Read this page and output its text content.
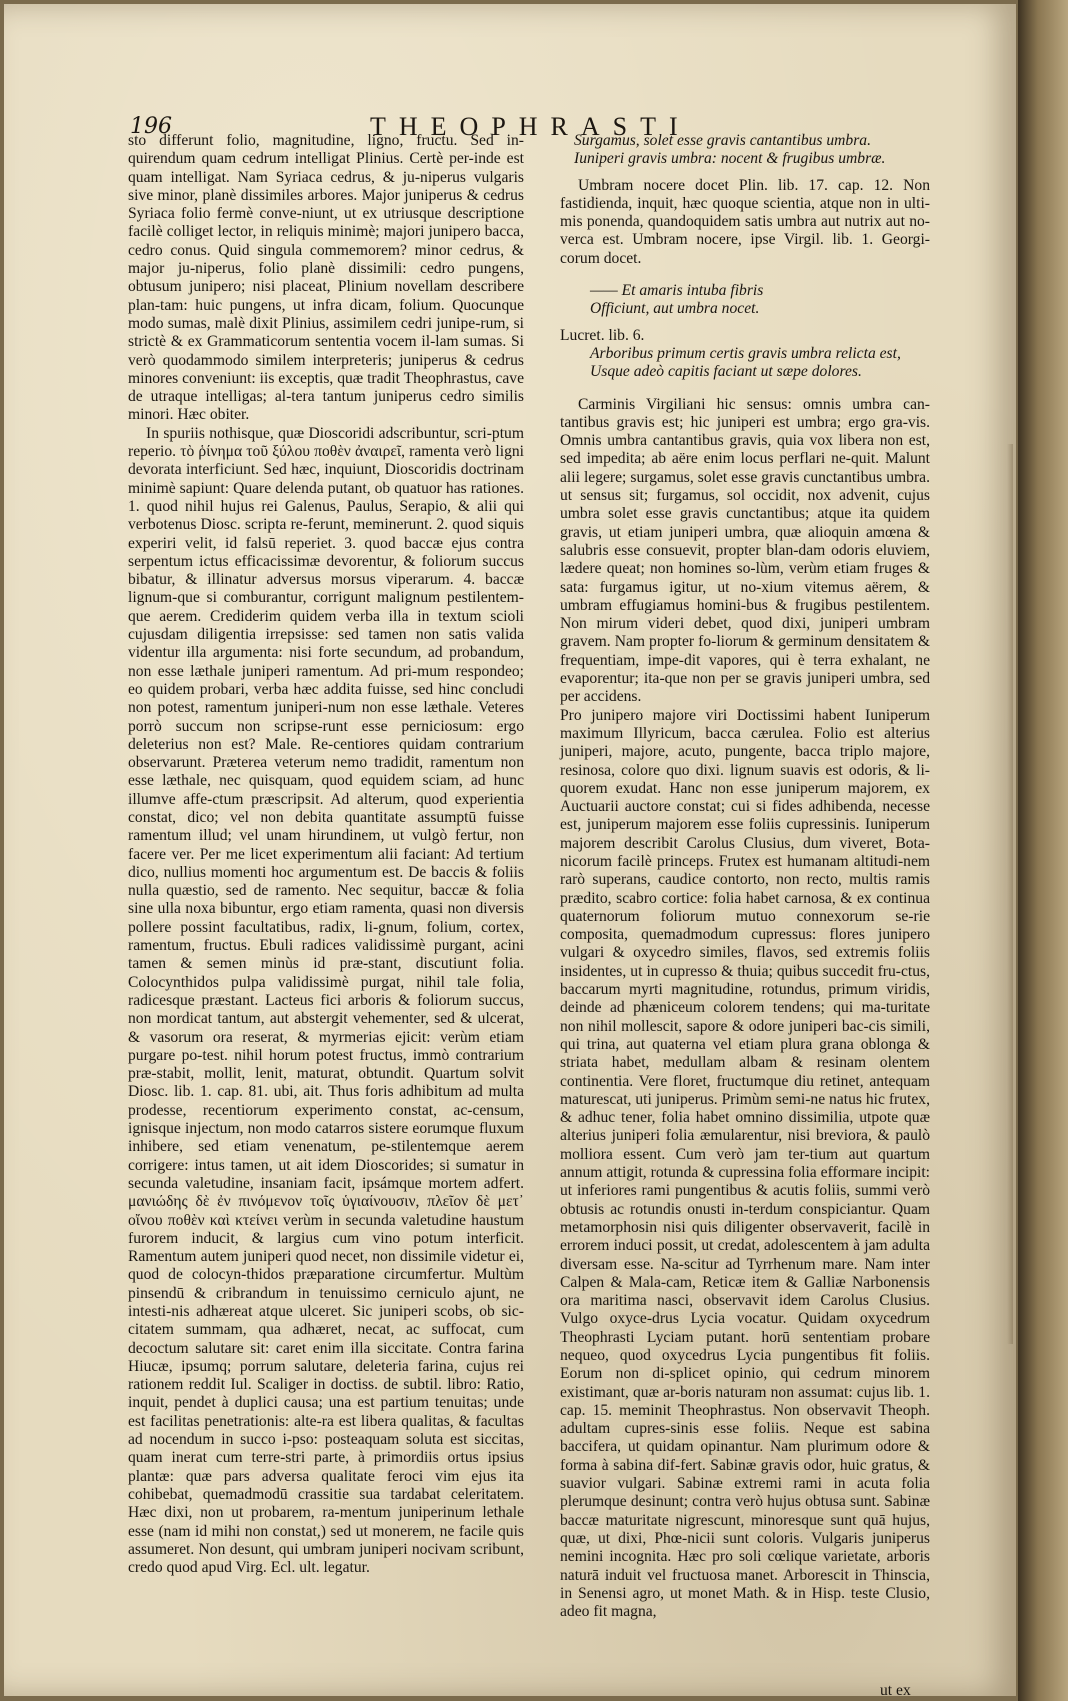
196	THEOPHRASTI

sto differunt folio, magnitudine, ligno, fructu. Sed in-quirendum quam cedrum intelligat Plinius. Certè per-inde est quam intelligat. Nam Syriaca cedrus, & ju-niperus vulgaris sive minor, planè dissimiles arbores. Major juniperus & cedrus Syriaca folio fermè conve-niunt, ut ex utriusque descriptione facilè colliget lector, in reliquis minimè; majori junipero bacca, cedro conus. Quid singula commemorem? minor cedrus, & major ju-niperus, folio planè dissimili: cedro pungens, obtusum junipero; nisi placeat, Plinium novellam describere plan-tam: huic pungens, ut infra dicam, folium. Quocunque modo sumas, malè dixit Plinius, assimilem cedri junipe-rum, si strictè & ex Grammaticorum sententia vocem il-lam sumas. Si verò quodammodo similem interpreteris; juniperus & cedrus minores conveniunt: iis exceptis, quæ tradit Theophrastus, cave de utraque intelligas; al-tera tantum juniperus cedro similis minori. Hæc obiter.

In spuriis nothisque, quæ Dioscoridi adscribuntur, scri-ptum reperio. τὸ ῥίνημα τοῦ ξύλου ποθὲν ἀναιρεῖ, ramenta verò ligni devorata interficiunt. Sed hæc, inquiunt, Dioscoridis doctrinam minimè sapiunt: Quare delenda putant, ob quatuor has rationes. 1. quod nihil hujus rei Galenus, Paulus, Serapio, & alii qui verbotenus Diosc. scripta re-ferunt, meminerunt. 2. quod siquis experiri velit, id falsū reperiet. 3. quod baccæ ejus contra serpentum ictus efficacissimæ devorentur, & foliorum succus bibatur, & illinatur adversus morsus viperarum. 4. baccæ lignum-que si comburantur, corrigunt malignum pestilentem-que aerem. Crediderim quidem verba illa in textum scioli cujusdam diligentia irrepsisse: sed tamen non satis valida videntur illa argumenta: nisi forte secundum, ad probandum, non esse læthale juniperi ramentum. Ad pri-mum respondeo; eo quidem probari, verba hæc addita fuisse, sed hinc concludi non potest, ramentum juniperi-num non esse læthale. Veteres porrò succum non scripse-runt esse perniciosum: ergo deleterius non est? Male. Re-centiores quidam contrarium observarunt. Præterea veterum nemo tradidit, ramentum non esse læthale, nec quisquam, quod equidem sciam, ad hunc illumve affe-ctum præscripsit. Ad alterum, quod experientia constat, dico; vel non debita quantitate assumptū fuisse ramentum illud; vel unam hirundinem, ut vulgò fertur, non facere ver. Per me licet experimentum alii faciant: Ad tertium dico, nullius momenti hoc argumentum est. De baccis & foliis nulla quæstio, sed de ramento. Nec sequitur, baccæ & folia sine ulla noxa bibuntur, ergo etiam ramenta, quasi non diversis pollere possint facultatibus, radix, li-gnum, folium, cortex, ramentum, fructus. Ebuli radices validissimè purgant, acini tamen & semen minùs id præ-stant, discutiunt folia. Colocynthidos pulpa validissimè purgat, nihil tale folia, radicesque præstant. Lacteus fici arboris & foliorum succus, non mordicat tantum, aut abstergit vehementer, sed & ulcerat, & vasorum ora reserat, & myrmerias ejicit: verùm etiam purgare po-test. nihil horum potest fructus, immò contrarium præ-stabit, mollit, lenit, maturat, obtundit. Quartum solvit Diosc. lib. 1. cap. 81. ubi, ait. Thus foris adhibitum ad multa prodesse, recentiorum experimento constat, ac-censum, ignisque injectum, non modo catarros sistere eorumque fluxum inhibere, sed etiam venenatum, pe-stilentemque aerem corrigere: intus tamen, ut ait idem Dioscorides; si sumatur in secunda valetudine, insaniam facit, ipsámque mortem adfert. μανιώδης δὲ ἐν πινόμενον τοῖς ὑγιαίνουσιν, πλεῖον δὲ μετ᾽ οἴνου ποθὲν καὶ κτείνει verùm in secunda valetudine haustum furorem inducit, & largius cum vino potum interficit. Ramentum autem juniperi quod necet, non dissimile videtur ei, quod de colocyn-thidos præparatione circumfertur. Multùm pinsendū & cribrandum in tenuissimo cerniculo ajunt, ne intesti-nis adhæreat atque ulceret. Sic juniperi scobs, ob sic-citatem summam, qua adhæret, necat, ac suffocat, cum decoctum salutare sit: caret enim illa siccitate. Contra farina Hiucæ, ipsumq; porrum salutare, deleteria farina, cujus rei rationem reddit Iul. Scaliger in doctiss. de subtil. libro: Ratio, inquit, pendet à duplici causa; una est partium tenuitas; unde est facilitas penetrationis: alte-ra est libera qualitas, & facultas ad nocendum in succo i-pso: posteaquam soluta est siccitas, quam inerat cum terre-stri parte, à primordiis ortus ipsius plantæ: quæ pars adversa qualitate feroci vim ejus ita cohibebat, quemadmodū crassitie sua tardabat celeritatem. Hæc dixi, non ut probarem, ra-mentum juniperinum lethale esse (nam id mihi non constat,) sed ut monerem, ne facile quis assumeret. Non desunt, qui umbram juniperi nocivam scribunt, credo quod apud Virg. Ecl. ult. legatur.

Surgamus, solet esse gravis cantantibus umbra.

Iuniperi gravis umbra: nocent & frugibus umbræ.

Umbram nocere docet Plin. lib. 17. cap. 12. Non fastidienda, inquit, hæc quoque scientia, atque non in ulti-mis ponenda, quandoquidem satis umbra aut nutrix aut no-verca est. Umbram nocere, ipse Virgil. lib. 1. Georgi-corum docet.

—— Et amaris intuba fibris

Officiunt, aut umbra nocet.

Lucret. lib. 6.

Arboribus primum certis gravis umbra relicta est,

Usque adeò capitis faciant ut sæpe dolores.

Carminis Virgiliani hic sensus: omnis umbra can-tantibus gravis est; hic juniperi est umbra; ergo gra-vis. Omnis umbra cantantibus gravis, quia vox libera non est, sed impedita; ab aëre enim locus perflari ne-quit. Malunt alii legere; surgamus, solet esse gravis cunctantibus umbra. ut sensus sit; furgamus, sol occidit, nox advenit, cujus umbra solet esse gravis cunctantibus; atque ita quidem gravis, ut etiam juniperi umbra, quæ alioquin amœna & salubris esse consuevit, propter blan-dam odoris eluviem, lædere queat; non homines so-lùm, verùm etiam fruges & sata: furgamus igitur, ut no-xium vitemus aërem, & umbram effugiamus homini-bus & frugibus pestilentem. Non mirum videri debet, quod dixi, juniperi umbram gravem. Nam propter fo-liorum & germinum densitatem & frequentiam, impe-dit vapores, qui è terra exhalant, ne evaporentur; ita-que non per se gravis juniperi umbra, sed per accidens.

Pro junipero majore viri Doctissimi habent Iuniperum maximum Illyricum, bacca cærulea. Folio est alterius juniperi, majore, acuto, pungente, bacca triplo majore, resinosa, colore quo dixi. lignum suavis est odoris, & li-quorem exudat. Hanc non esse juniperum majorem, ex Auctuarii auctore constat; cui si fides adhibenda, necesse est, juniperum majorem esse foliis cupressinis. Iuniperum majorem describit Carolus Clusius, dum viveret, Bota-nicorum facilè princeps. Frutex est humanam altitudi-nem rarò superans, caudice contorto, non recto, multis ramis prædito, scabro cortice: folia habet carnosa, & ex continua quaternorum foliorum mutuo connexorum se-rie composita, quemadmodum cupressus: flores junipero vulgari & oxycedro similes, flavos, sed extremis foliis insidentes, ut in cupresso & thuia; quibus succedit fru-ctus, baccarum myrti magnitudine, rotundus, primum viridis, deinde ad phæniceum colorem tendens; qui ma-turitate non nihil mollescit, sapore & odore juniperi bac-cis simili, qui trina, aut quaterna vel etiam plura grana oblonga & striata habet, medullam albam & resinam olentem continentia. Vere floret, fructumque diu retinet, antequam maturescat, uti juniperus. Primùm semi-ne natus hic frutex, & adhuc tener, folia habet omnino dissimilia, utpote quæ alterius juniperi folia æmularentur, nisi breviora, & paulò molliora essent. Cum verò jam ter-tium aut quartum annum attigit, rotunda & cupressina folia efformare incipit: ut inferiores rami pungentibus & acutis foliis, summi verò obtusis ac rotundis onusti in-terdum conspiciantur. Quam metamorphosin nisi quis diligenter observaverit, facilè in errorem induci possit, ut credat, adolescentem à jam adulta diversam esse. Na-scitur ad Tyrrhenum mare. Nam inter Calpen & Mala-cam, Reticæ item & Galliæ Narbonensis ora maritima nasci, observavit idem Carolus Clusius. Vulgo oxyce-drus Lycia vocatur. Quidam oxycedrum Theophrasti Lyciam putant. horū sententiam probare nequeo, quod oxycedrus Lycia pungentibus fit foliis. Eorum non di-splicet opinio, qui cedrum minorem existimant, quæ ar-boris naturam non assumat: cujus lib. 1. cap. 15. meminit Theophrastus. Non observavit Theoph. adultam cupres-sinis esse foliis. Neque est sabina baccifera, ut quidam opinantur. Nam plurimum odore & forma à sabina dif-fert. Sabinæ gravis odor, huic gratus, & suavior vulgari. Sabinæ extremi rami in acuta folia plerumque desinunt; contra verò hujus obtusa sunt. Sabinæ baccæ maturitate nigrescunt, minoresque sunt quā hujus, quæ, ut dixi, Phœ-nicii sunt coloris. Vulgaris juniperus nemini incognita. Hæc pro soli cœlique varietate, arboris naturā induit vel fructuosa manet. Arborescit in Thinscia, in Senensi agro, ut monet Math. & in Hisp. teste Clusio, adeo fit magna,

ut ex
